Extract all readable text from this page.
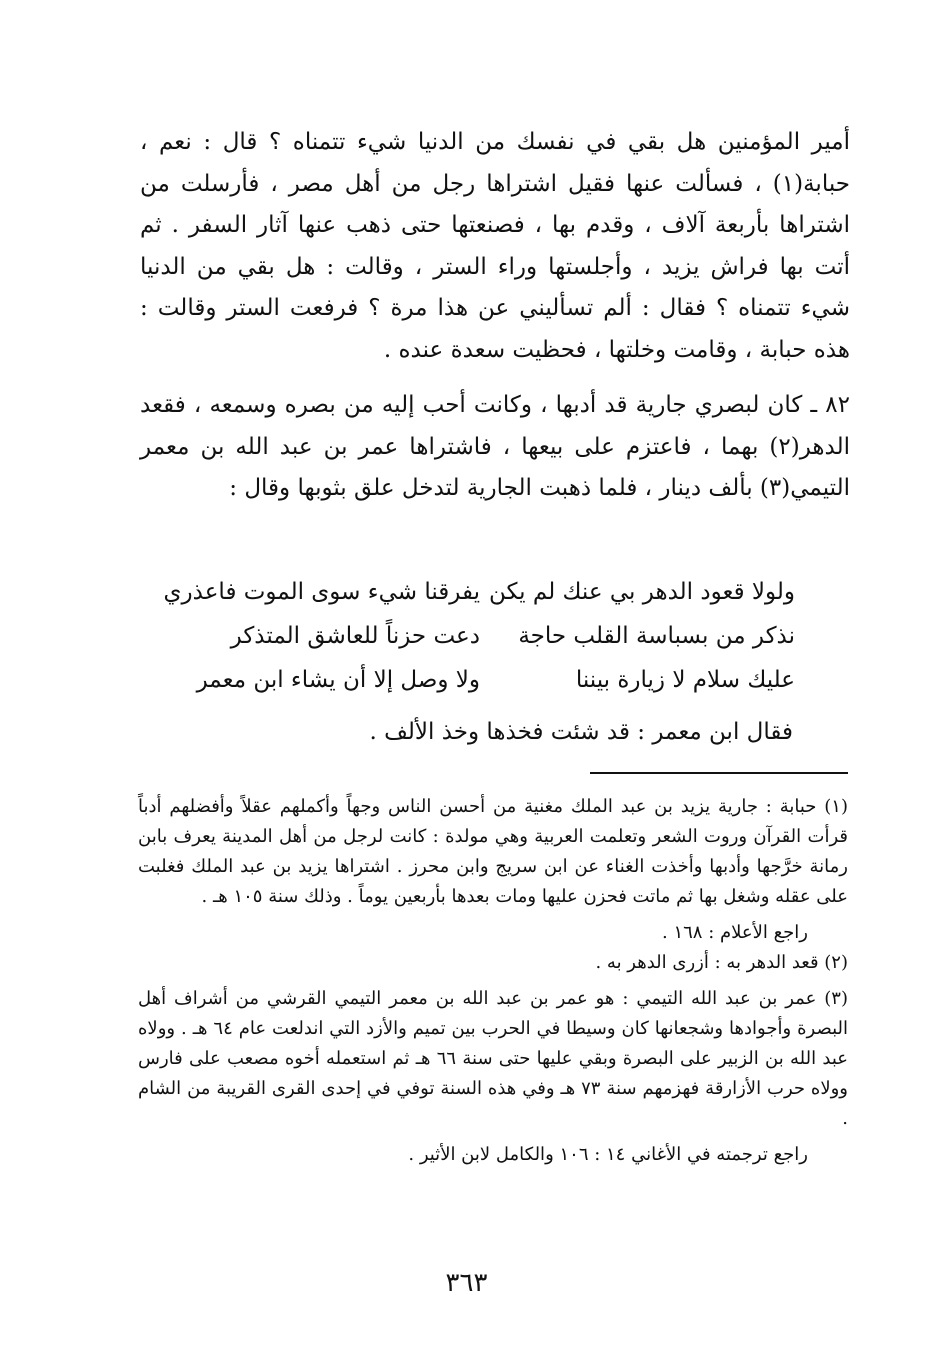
أمير المؤمنين هل بقي في نفسك من الدنيا شيء تتمناه ؟ قال : نعم ، حبابة(١) ، فسألت عنها فقيل اشتراها رجل من أهل مصر ، فأرسلت من اشتراها بأربعة آلاف ، وقدم بها ، فصنعتها حتى ذهب عنها آثار السفر . ثم أتت بها فراش يزيد ، وأجلستها وراء الستر ، وقالت : هل بقي من الدنيا شيء تتمناه ؟ فقال : ألم تسأليني عن هذا مرة ؟ فرفعت الستر وقالت : هذه حبابة ، وقامت وخلتها ، فحظيت سعدة عنده .

٨٢ ـ كان لبصري جارية قد أدبها ، وكانت أحب إليه من بصره وسمعه ، فقعد الدهر(٢) بهما ، فاعتزم على بيعها ، فاشتراها عمر بن عبد الله بن معمر التيمي(٣) بألف دينار ، فلما ذهبت الجارية لتدخل علق بثوبها وقال :

ولولا قعود الدهر بي عنك لم يكن
يفرقنا شيء سوى الموت فاعذري
نذكر من بسباسة القلب حاجة
دعت حزناً للعاشق المتذكر
عليك سلام لا زيارة بيننا
ولا وصل إلا أن يشاء ابن معمر
فقال ابن معمر : قد شئت فخذها وخذ الألف .

(١) حبابة : جارية يزيد بن عبد الملك مغنية من أحسن الناس وجهاً وأكملهم عقلاً وأفضلهم أدباً قرأت القرآن وروت الشعر وتعلمت العربية وهي مولدة : كانت لرجل من أهل المدينة يعرف بابن رمانة خرَّجها وأدبها وأخذت الغناء عن ابن سريج وابن محرز . اشتراها يزيد بن عبد الملك فغلبت على عقله وشغل بها ثم ماتت فحزن عليها ومات بعدها بأربعين يوماً . وذلك سنة ١٠٥ هـ .

راجع الأعلام : ١٦٨ .

(٢) قعد الدهر به : أزرى الدهر به .

(٣) عمر بن عبد الله التيمي : هو عمر بن عبد الله بن معمر التيمي القرشي من أشراف أهل البصرة وأجوادها وشجعانها كان وسيطا في الحرب بين تميم والأزد التي اندلعت عام ٦٤ هـ . وولاه عبد الله بن الزبير على البصرة وبقي عليها حتى سنة ٦٦ هـ ثم استعمله أخوه مصعب على فارس وولاه حرب الأزارقة فهزمهم سنة ٧٣ هـ وفي هذه السنة توفي في إحدى القرى القريبة من الشام .

راجع ترجمته في الأغاني ١٤ : ١٠٦ والكامل لابن الأثير .

٣٦٣
